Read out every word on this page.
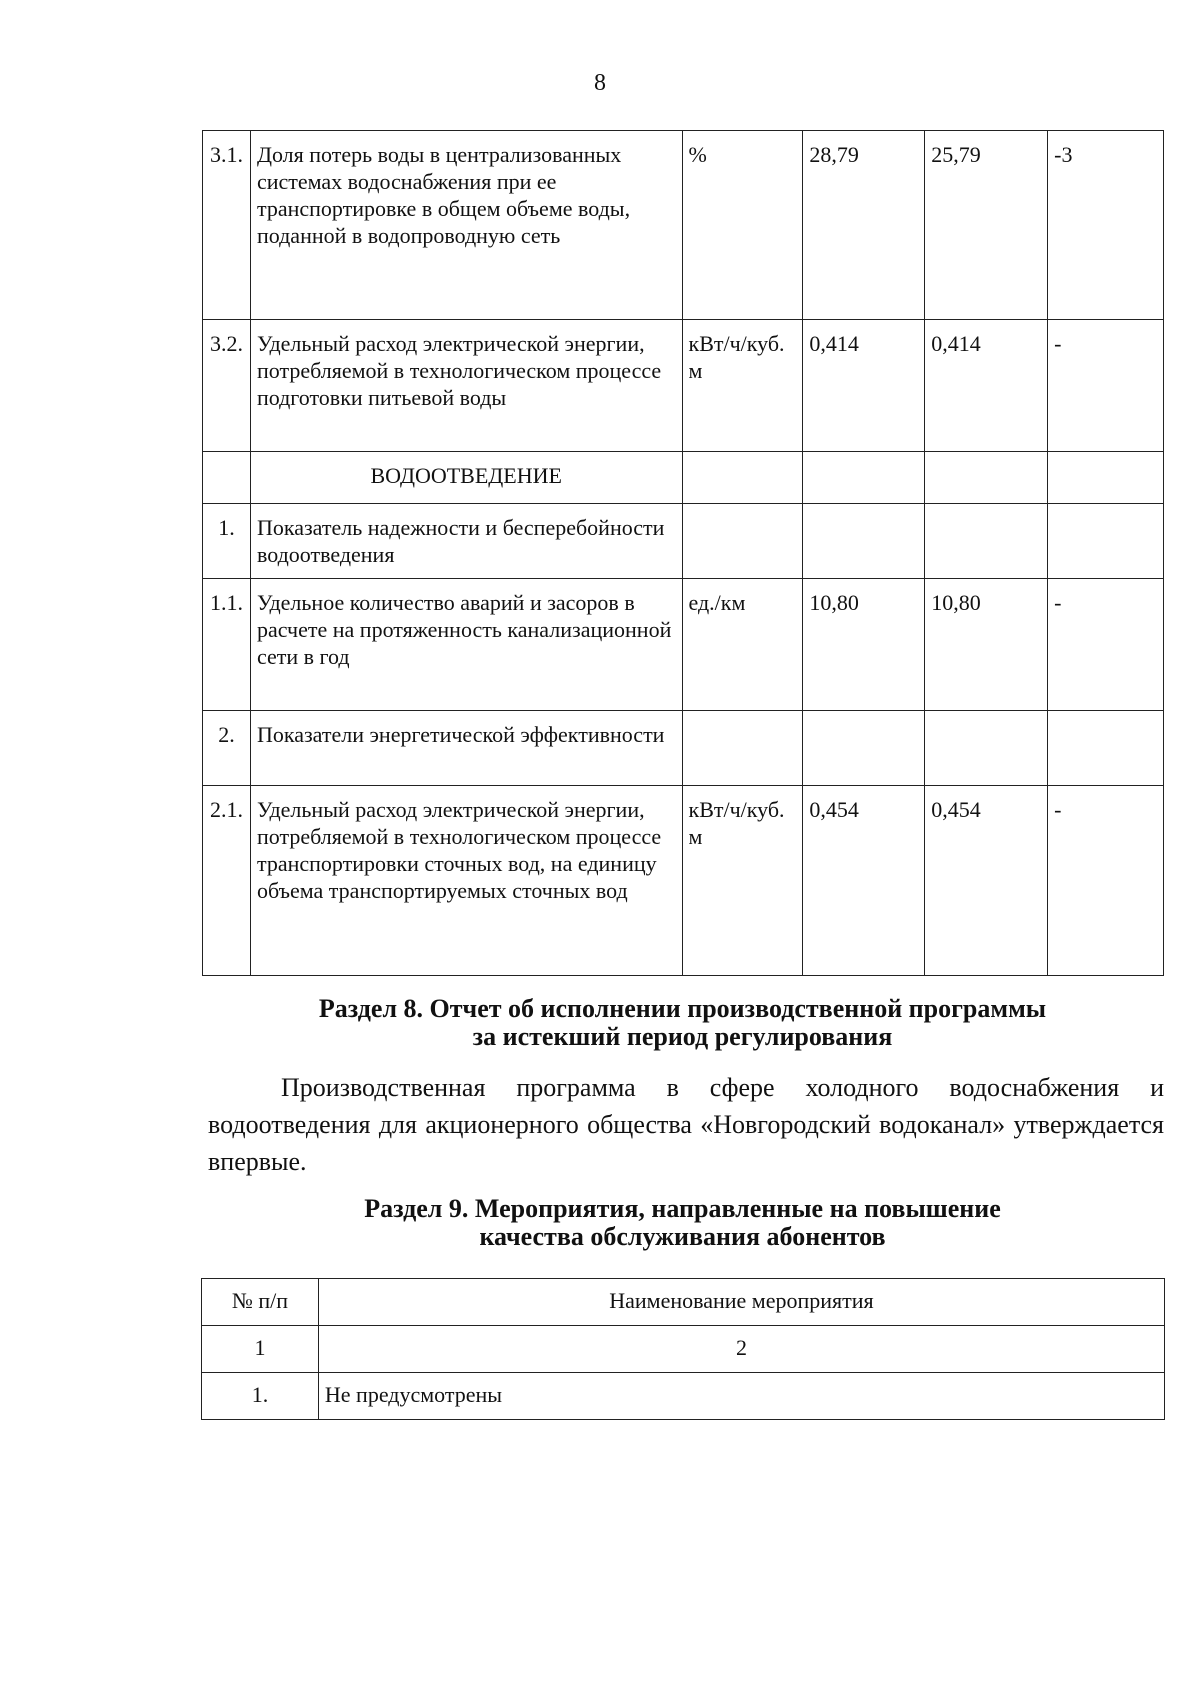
8
3.1.	Доля потерь воды в централизованных системах водоснабжения при ее транспортировке в общем объеме воды, поданной в водопроводную сеть	%	28,79	25,79	-3
3.2.	Удельный расход электрической энергии, потребляемой в технологическом процессе подготовки питьевой воды	кВт/ч/куб. м	0,414	0,414	-
	ВОДООТВЕДЕНИЕ				
1.	Показатель надежности и бесперебойности водоотведения				
1.1.	Удельное количество аварий и засоров в расчете на протяженность канализационной сети в год	ед./км	10,80	10,80	-
2.	Показатели энергетической эффективности				
2.1.	Удельный расход электрической энергии, потребляемой в технологическом процессе транспортировки сточных вод, на единицу объема транспортируемых сточных вод	кВт/ч/куб. м	0,454	0,454	-
Раздел 8. Отчет об исполнении производственной программы
за истекший период регулирования
Производственная программа в сфере холодного водоснабжения и водоотведения для акционерного общества «Новгородский водоканал» утверждается впервые.
Раздел 9. Мероприятия, направленные на повышение
качества обслуживания абонентов
№ п/п	Наименование мероприятия
1	2
1.	Не предусмотрены
